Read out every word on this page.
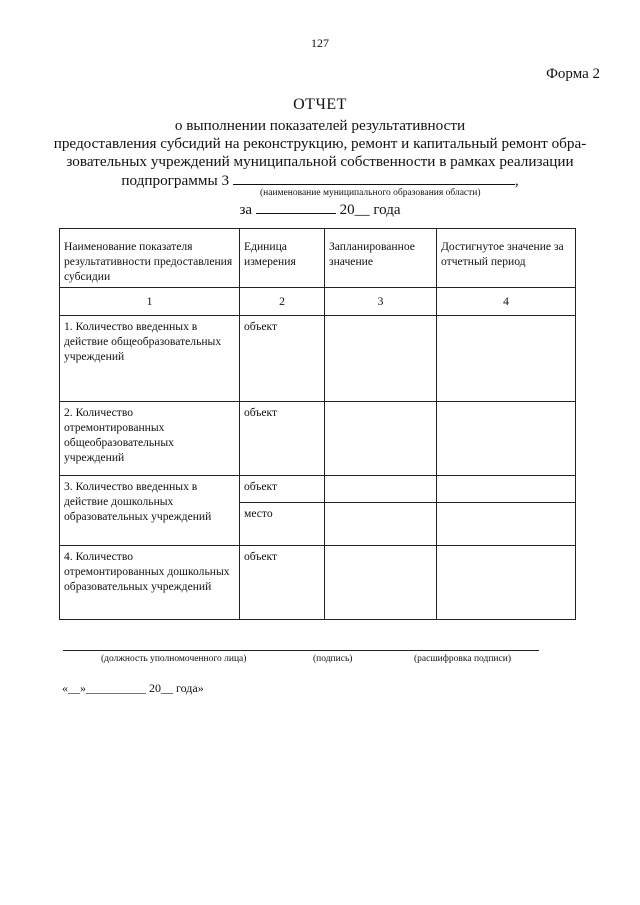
127
Форма 2
ОТЧЕТ
о выполнении показателей результативности
предоставления субсидий на реконструкцию, ремонт и капитальный ремонт обра-
зовательных учреждений муниципальной собственности в рамках реализации
подпрограммы 3	,
(наименование муниципального образования области)
за	20__ года
Наименование показателя результативности предоставления субсидии	Единица измерения	Запланированное значение	Достигнутое значение за отчетный период
1	2	3	4
1. Количество введенных в действие общеобразовательных учреждений	объект		
2. Количество отремонтированных общеобразовательных учреждений	объект		
3. Количество введенных в действие дошкольных образовательных учреждений	объект		
	место		
4. Количество отремонтированных дошкольных образовательных учреждений	объект		
(должность уполномоченного лица)	(подпись)	(расшифровка подписи)
«__»__________ 20__ года»
